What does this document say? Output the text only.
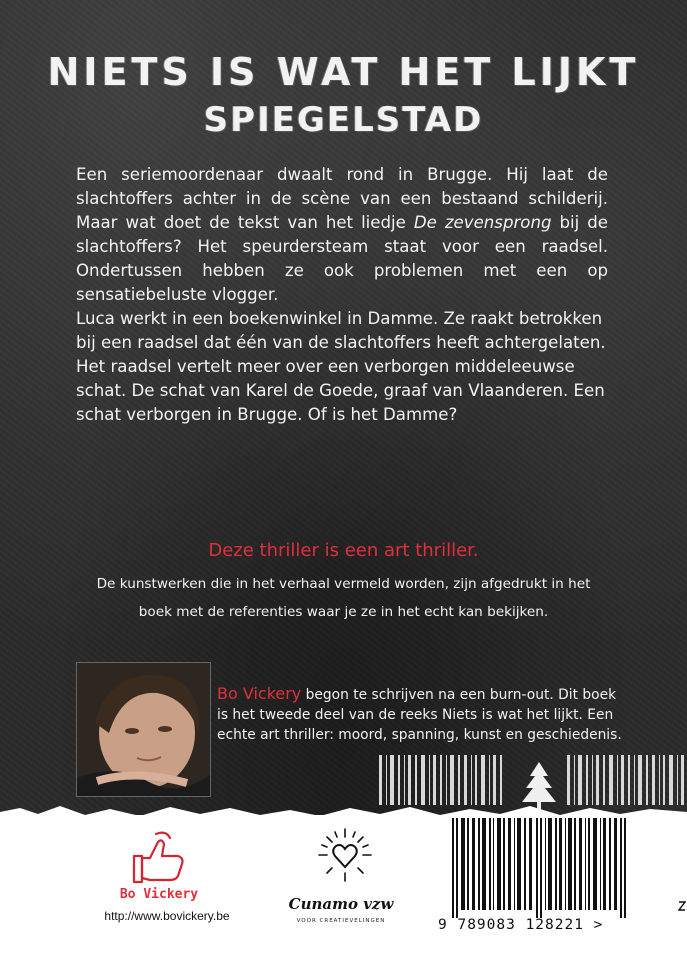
NIETS IS WAT HET LIJKT
SPIEGELSTAD

Een seriemoordenaar dwaalt rond in Brugge. Hij laat de slachtoffers achter in de scène van een bestaand schilderij. Maar wat doet de tekst van het liedje De zevensprong bij de slachtoffers? Het speurdersteam staat voor een raadsel. Ondertussen hebben ze ook problemen met een op sensatiebeluste vlogger.

Luca werkt in een boekenwinkel in Damme. Ze raakt betrokken bij een raadsel dat één van de slachtoffers heeft achtergelaten. Het raadsel vertelt meer over een verborgen middeleeuwse schat. De schat van Karel de Goede, graaf van Vlaanderen. Een schat verborgen in Brugge. Of is het Damme?

Deze thriller is een art thriller.
De kunstwerken die in het verhaal vermeld worden, zijn afgedrukt in het
boek met de referenties waar je ze in het echt kan bekijken.
Bo Vickery begon te schrijven na een burn-out. Dit boek is het tweede deel van de reeks Niets is wat het lijkt. Een echte art thriller: moord, spanning, kunst en geschiedenis.
Bo Vickery
http://www.bovickery.be
Cunamo vzw
VOOR CREATIEVELINGEN	9 789083 128221 >
